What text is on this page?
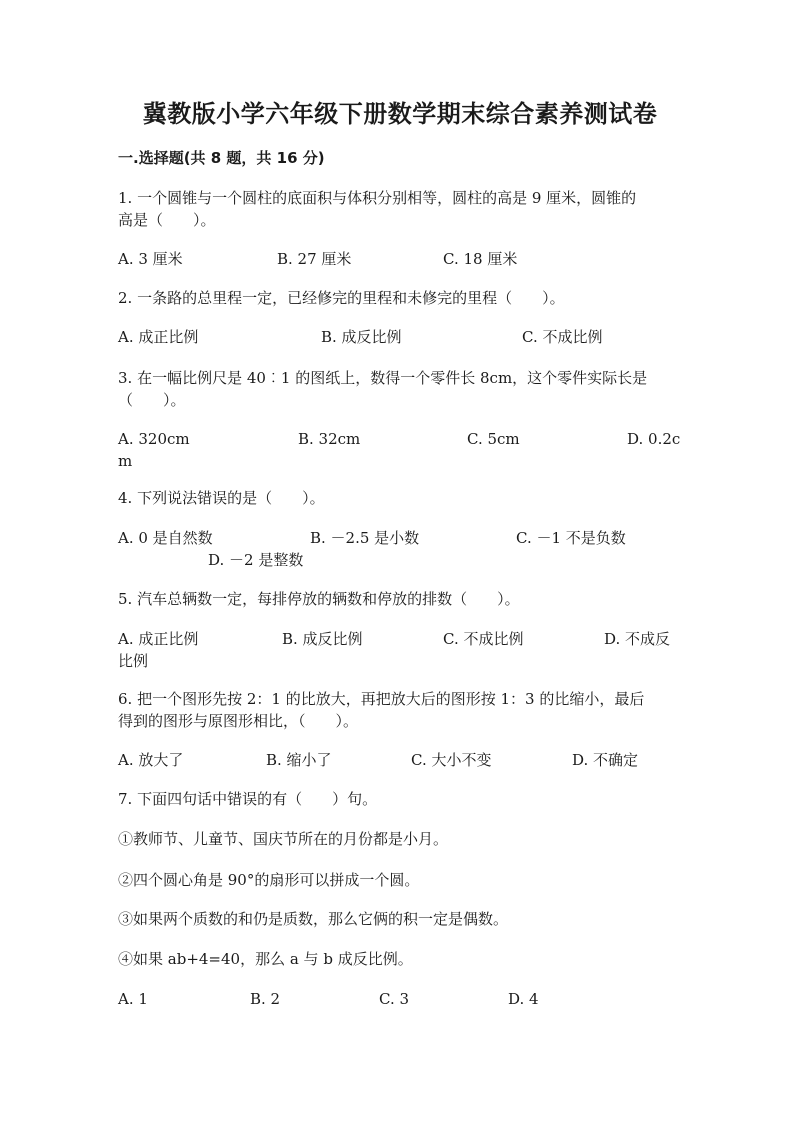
冀教版小学六年级下册数学期末综合素养测试卷
一.选择题(共 8 题，共 16 分)
1. 一个圆锥与一个圆柱的底面积与体积分别相等，圆柱的高是 9 厘米，圆锥的
高是（　　）。
A. 3 厘米	B. 27 厘米	C. 18 厘米
2. 一条路的总里程一定，已经修完的里程和未修完的里程（　　）。
A. 成正比例	B. 成反比例	C. 不成比例
3. 在一幅比例尺是 40︰1 的图纸上，数得一个零件长 8cm，这个零件实际长是
（　　）。
A. 320cm	B. 32cm	C. 5cm	D. 0.2c
m
4. 下列说法错误的是（　　）。
A. 0 是自然数	B. －2.5 是小数	C. －1 不是负数
D. －2 是整数
5. 汽车总辆数一定，每排停放的辆数和停放的排数（　　）。
A. 成正比例	B. 成反比例	C. 不成比例	D. 不成反
比例
6. 把一个图形先按 2：1 的比放大，再把放大后的图形按 1：3 的比缩小，最后
得到的图形与原图形相比，（　　）。
A. 放大了	B. 缩小了	C. 大小不变	D. 不确定
7. 下面四句话中错误的有（　　）句。
①教师节、儿童节、国庆节所在的月份都是小月。
②四个圆心角是 90°的扇形可以拼成一个圆。
③如果两个质数的和仍是质数，那么它俩的积一定是偶数。
④如果 ab+4=40，那么 a 与 b 成反比例。
A. 1	B. 2	C. 3	D. 4
